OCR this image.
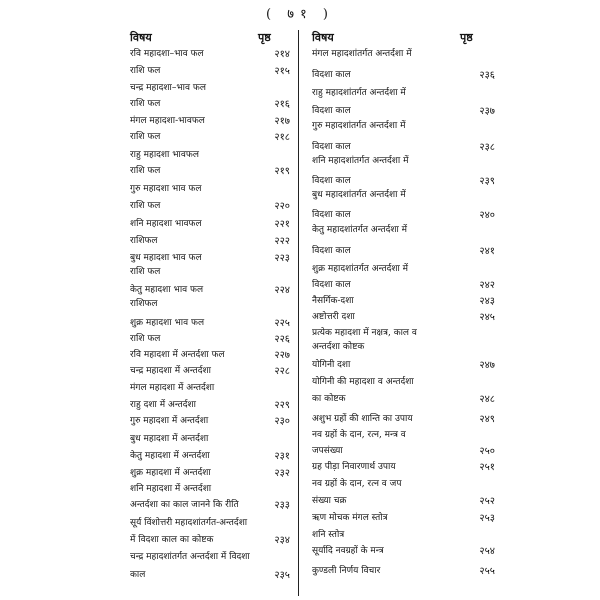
( ७१ )
विषय	पृष्ठ
रवि महादशा–भाव फल	२१४
राशि फल	२१५
चन्द्र महादशा–भाव फल
राशि फल	२१६
मंगल महादशा-भावफल	२१७
राशि फल	२१८
राहु महादशा भावफल
राशि फल	२१९
गुरु महादशा भाव फल
राशि फल	२२०
शनि महादशा भावफल	२२१
राशिफल	२२२
बुध महादशा भाव फल	२२३
राशि फल
केतु महादशा भाव फल	२२४
राशिफल
शुक्र महादशा भाव फल	२२५
राशि फल	२२६
रवि महादशा में अन्तर्दशा फल	२२७
चन्द्र महादशा में अन्तर्दशा	२२८
मंगल महादशा में अन्तर्दशा
राहु दशा में अन्तर्दशा	२२९
गुरु महादशा में अन्तर्दशा	२३०
बुध महादशा में अन्तर्दशा
केतु महादशा में अन्तर्दशा	२३१
शुक्र महादशा में अन्तर्दशा	२३२
शनि महादशा में अन्तर्दशा
अन्तर्दशा का काल जानने कि रीति	२३३
सूर्य विंशोत्तरी महादशांतर्गत-अन्तर्दशा
में विदशा काल का कोष्टक	२३४
चन्द्र महादशांतर्गत अन्तर्दशा में विदशा
काल	२३५
विषय	पृष्ठ
मंगल महादशांतर्गत अन्तर्दशा में
विदशा काल	२३६
राहु महादशांतर्गत अन्तर्दशा में
विदशा काल	२३७
गुरु महादशांतर्गत अन्तर्दशा में
विदशा काल	२३८
शनि महादशांतर्गत अन्तर्दशा में
विदशा काल	२३९
बुध महादशांतर्गत अन्तर्दशा में
विदशा काल	२४०
केतु महादशांतर्गत अन्तर्दशा में
विदशा काल	२४१
शुक्र महादशांतर्गत अन्तर्दशा में
विदशा काल	२४२
नैसर्गिक-दशा	२४३
अष्टोत्तरी दशा	२४५
प्रत्येक महादशा में नक्षत्र, काल व
अन्तर्दशा कोष्टक
योगिनी दशा	२४७
योगिनी की महादशा व अन्तर्दशा
का कोष्टक	२४८
अशुभ ग्रहों की शान्ति का उपाय	२४९
नव ग्रहों के दान, रत्न, मन्त्र व
जपसंख्या	२५०
ग्रह पीड़ा निवारणार्थ उपाय	२५१
नव ग्रहों के दान, रत्न व जप
संख्या चक्र	२५२
ऋण मोचक मंगल स्तोत्र	२५३
शनि स्तोत्र
सूर्यादि नवग्रहों के मन्त्र	२५४
कुण्डली निर्णय विचार	२५५
